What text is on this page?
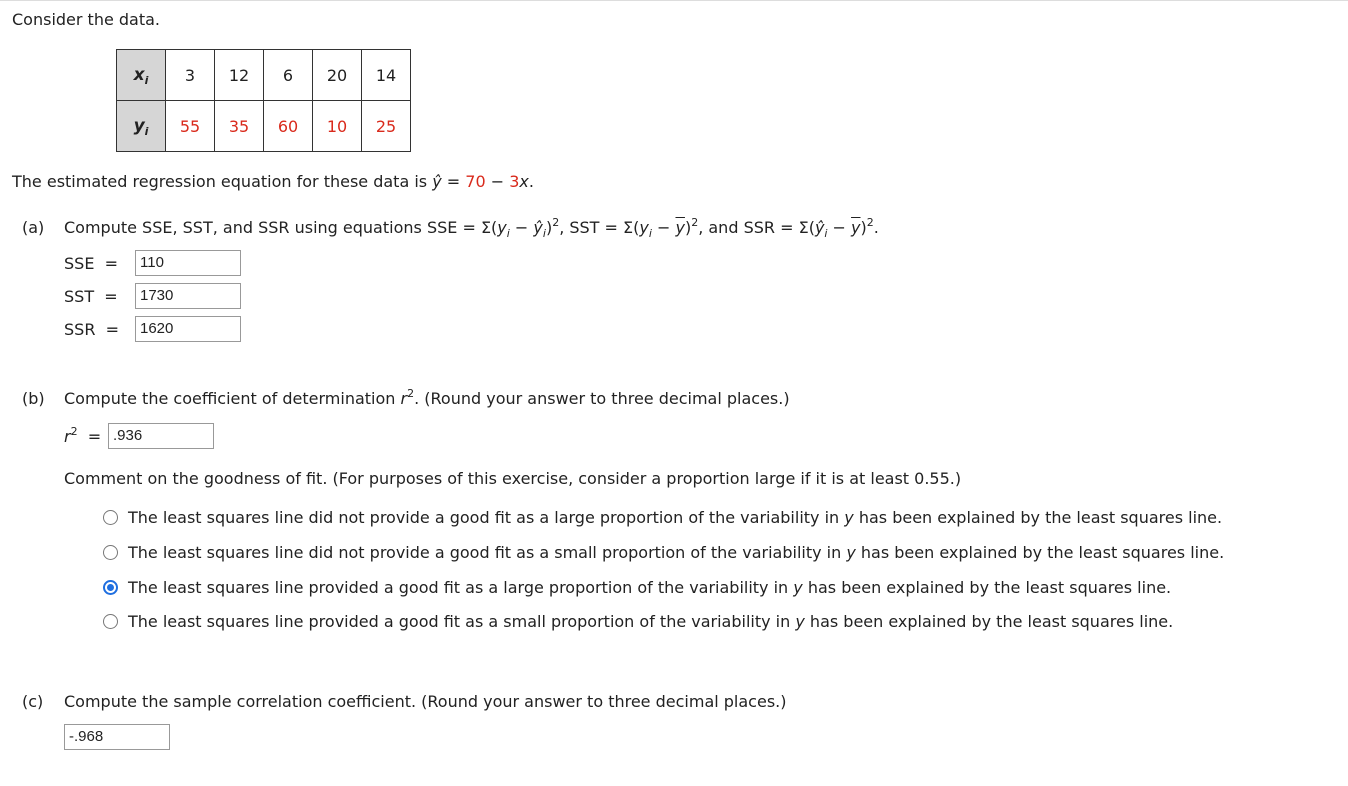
Consider the data.
$x_i$	3	12	6	20	14
$y_i$	55	35	60	10	25
The estimated regression equation for these data is ŷ = 70 − 3x.
(a) Compute SSE, SST, and SSR using equations SSE = $\Sigma(y_i$ − $ŷ_i)^2$, SST = $\Sigma(y_i - \overline{y})^2$, and SSR = $\Sigma(ŷ_i - \overline{y})^2$.
SSE  =	110
SST  =	1730
SSR  =	1620
(b) Compute the coefficient of determination $r^2$. (Round your answer to three decimal places.)
$r^2 = .936$
Comment on the goodness of fit. (For purposes of this exercise, consider a proportion large if it is at least 0.55.)
The least squares line did not provide a good fit as a large proportion of the variability in y has been explained by the least squares line.
The least squares line did not provide a good fit as a small proportion of the variability in y has been explained by the least squares line.
The least squares line provided a good fit as a large proportion of the variability in y has been explained by the least squares line.
The least squares line provided a good fit as a small proportion of the variability in y has been explained by the least squares line.
(c) Compute the sample correlation coefficient. (Round your answer to three decimal places.)
-.968
